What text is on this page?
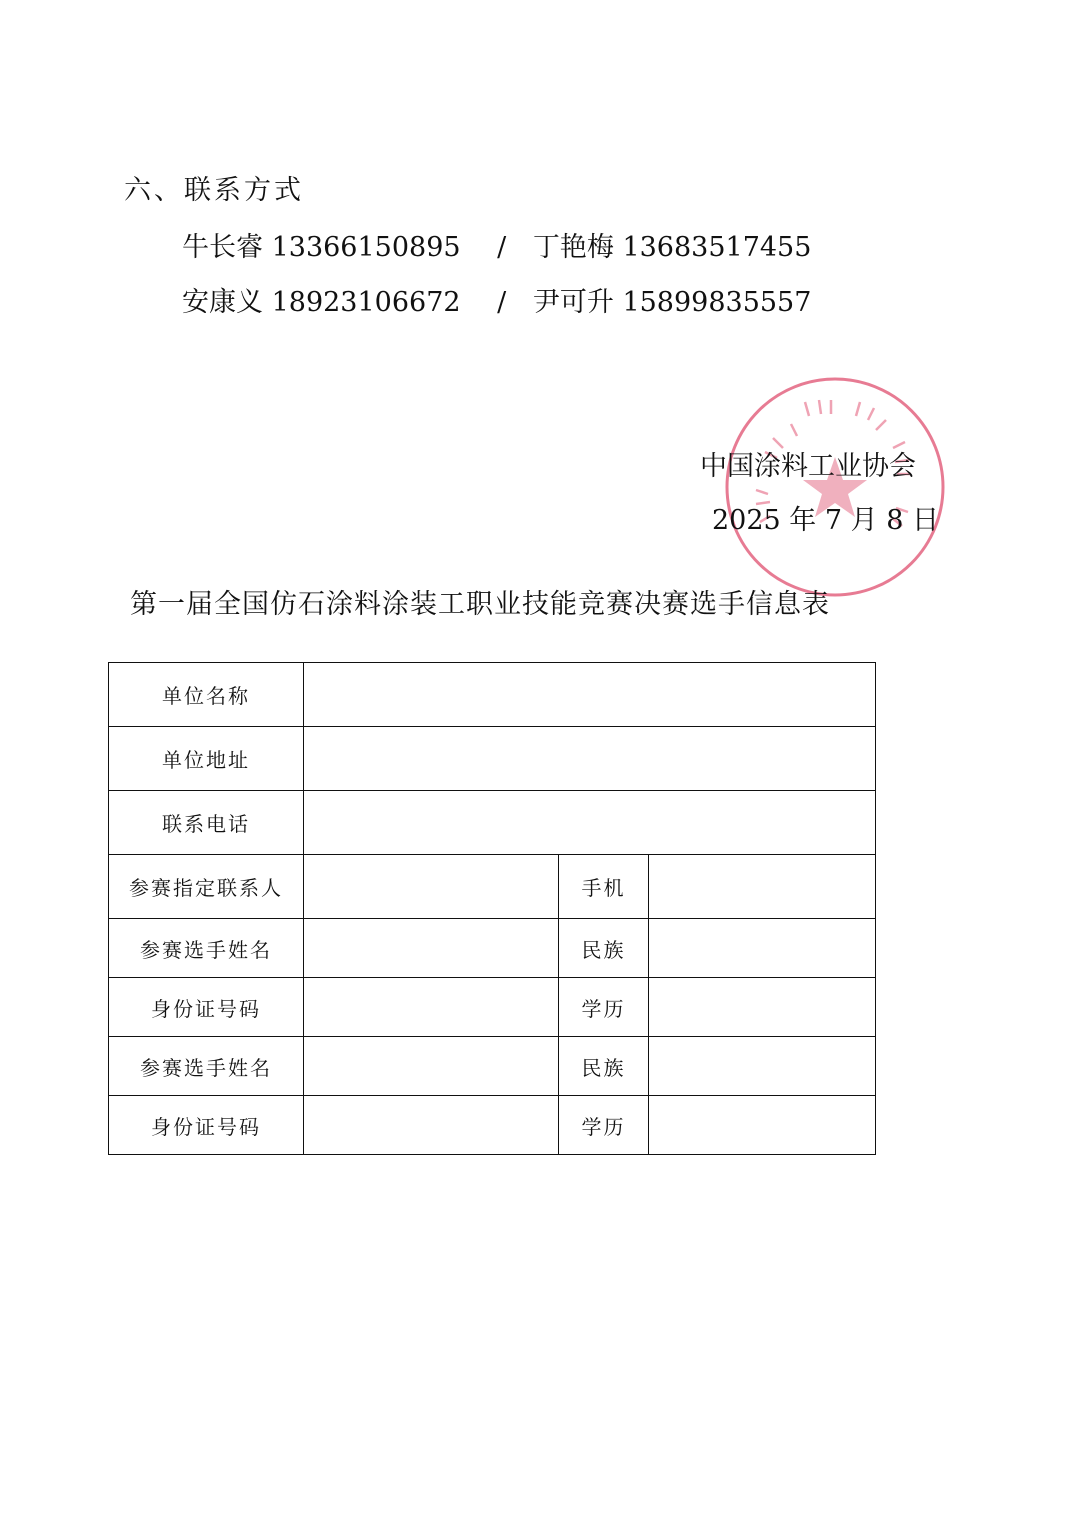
六、联系方式
牛长睿 13366150895 / 丁艳梅 13683517455
安康义 18923106672 / 尹可升 15899835557
中国涂料工业协会
2025 年 7 月 8 日
第一届全国仿石涂料涂装工职业技能竞赛决赛选手信息表
单位名称			
单位地址			
联系电话			
参赛指定联系人		手机	
参赛选手姓名		民族	
身份证号码		学历	
参赛选手姓名		民族	
身份证号码		学历	
